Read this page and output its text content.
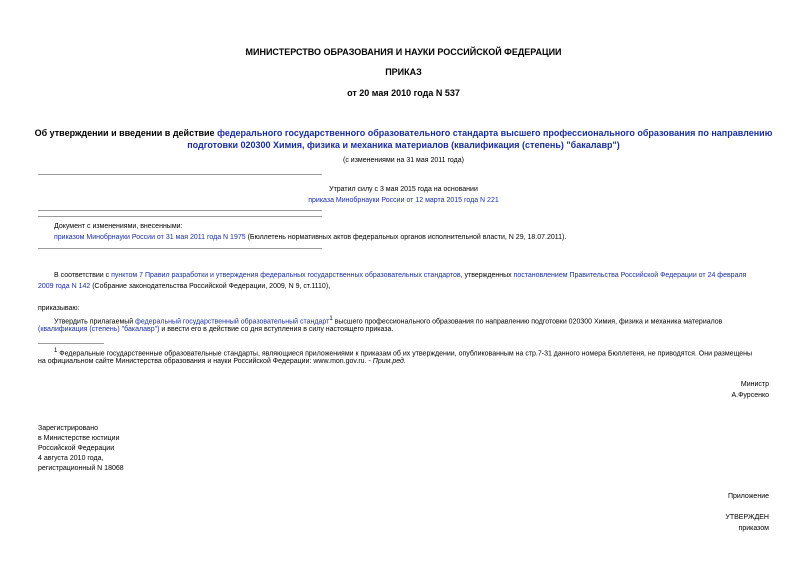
МИНИСТЕРСТВО ОБРАЗОВАНИЯ И НАУКИ РОССИЙСКОЙ ФЕДЕРАЦИИ
ПРИКАЗ
от 20 мая 2010 года N 537
Об утверждении и введении в действие федерального государственного образовательного стандарта высшего профессионального образования по направлению
подготовки 020300 Химия, физика и механика материалов (квалификация (степень) "бакалавр")
(с изменениями на 31 мая 2011 года)
Утратил силу с 3 мая 2015 года на основании
приказа Минобрнауки России от 12 марта 2015 года N 221
Документ с изменениями, внесенными:
приказом Минобрнауки России от 31 мая 2011 года N 1975 (Бюллетень нормативных актов федеральных органов исполнительной власти, N 29, 18.07.2011).
В соответствии с пунктом 7 Правил разработки и утверждения федеральных государственных образовательных стандартов, утвержденных постановлением Правительства Российской Федерации от 24 февраля
2009 года N 142 (Собрание законодательства Российской Федерации, 2009, N 9, ст.1110),
приказываю:
Утвердить прилагаемый федеральный государственный образовательный стандарт$^1$ высшего профессионального образования по направлению подготовки 020300 Химия, физика и механика материалов
(квалификация (степень) "бакалавр") и ввести его в действие со дня вступления в силу настоящего приказа.
$^1$ Федеральные государственные образовательные стандарты, являющиеся приложениями к приказам об их утверждении, опубликованным на стр.7-31 данного номера Бюллетеня, не приводятся. Они размещены
на официальном сайте Министерства образования и науки Российской Федерации: www.mon.gov.ru. - Прим.ред.
Министр
А.Фурсенко
Зарегистрировано
в Министерстве юстиции
Российской Федерации
4 августа 2010 года,
регистрационный N 18068
Приложение
УТВЕРЖДЕН
приказом
